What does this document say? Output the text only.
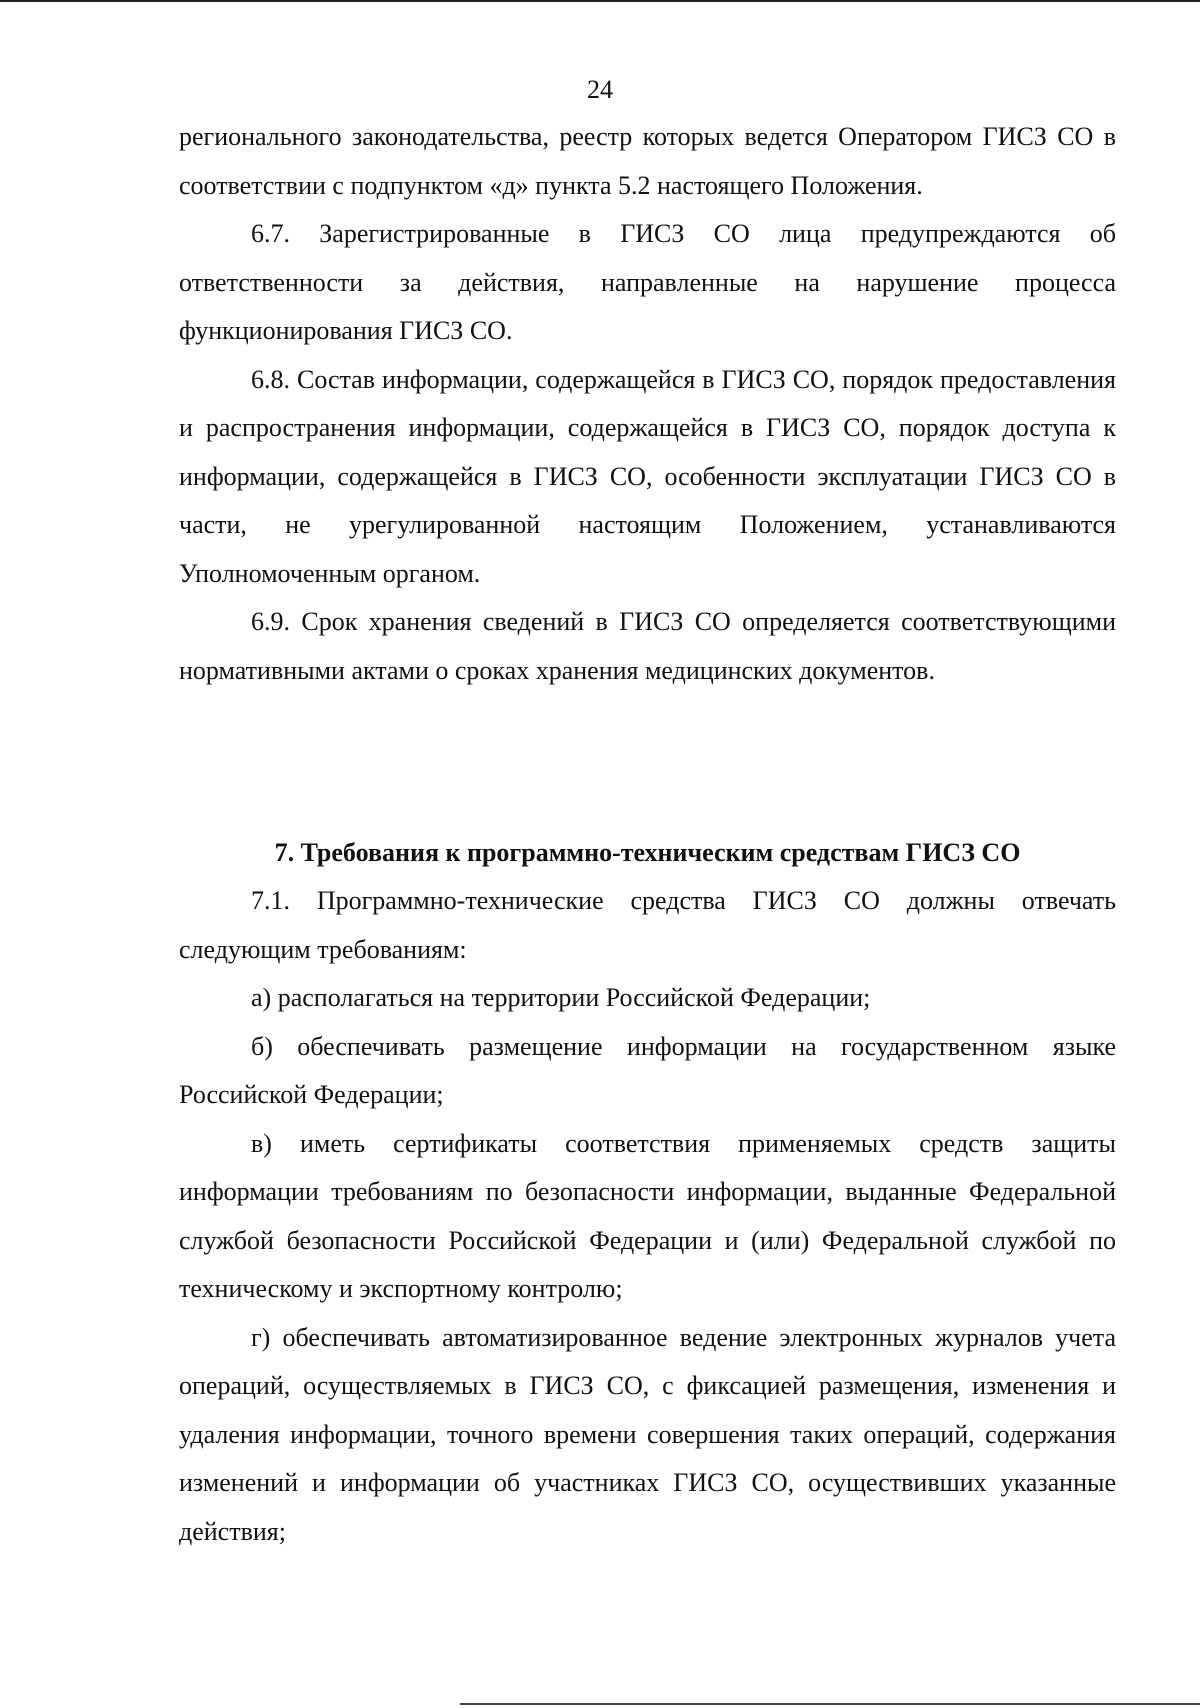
24

регионального законодательства, реестр которых ведется Оператором ГИСЗ СО в соответствии с подпунктом «д» пункта 5.2 настоящего Положения.

6.7. Зарегистрированные в ГИСЗ СО лица предупреждаются об ответственности за действия, направленные на нарушение процесса функционирования ГИСЗ СО.

6.8. Состав информации, содержащейся в ГИСЗ СО, порядок предоставления и распространения информации, содержащейся в ГИСЗ СО, порядок доступа к информации, содержащейся в ГИСЗ СО, особенности эксплуатации ГИСЗ СО в части, не урегулированной настоящим Положением, устанавливаются Уполномоченным органом.

6.9. Срок хранения сведений в ГИСЗ СО определяется соответствующими нормативными актами о сроках хранения медицинских документов.

7. Требования к программно-техническим средствам ГИСЗ СО

7.1. Программно-технические средства ГИСЗ СО должны отвечать следующим требованиям:

а) располагаться на территории Российской Федерации;

б) обеспечивать размещение информации на государственном языке Российской Федерации;

в) иметь сертификаты соответствия применяемых средств защиты информации требованиям по безопасности информации, выданные Федеральной службой безопасности Российской Федерации и (или) Федеральной службой по техническому и экспортному контролю;

г) обеспечивать автоматизированное ведение электронных журналов учета операций, осуществляемых в ГИСЗ СО, с фиксацией размещения, изменения и удаления информации, точного времени совершения таких операций, содержания изменений и информации об участниках ГИСЗ СО, осуществивших указанные действия;
